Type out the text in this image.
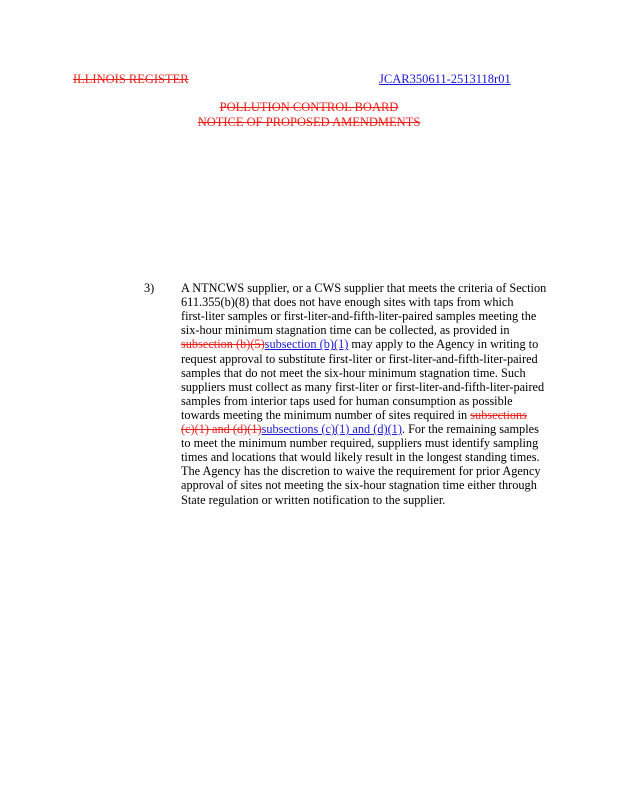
ILLINOIS REGISTER	JCAR350611-2513118r01
POLLUTION CONTROL BOARD
NOTICE OF PROPOSED AMENDMENTS
3) A NTNCWS supplier, or a CWS supplier that meets the criteria of Section
611.355(b)(8) that does not have enough sites with taps from which
first-liter samples or first-liter-and-fifth-liter-paired samples meeting the
six-hour minimum stagnation time can be collected, as provided in
subsection (b)(5)subsection (b)(1) may apply to the Agency in writing to
request approval to substitute first-liter or first-liter-and-fifth-liter-paired
samples that do not meet the six-hour minimum stagnation time. Such
suppliers must collect as many first-liter or first-liter-and-fifth-liter-paired
samples from interior taps used for human consumption as possible
towards meeting the minimum number of sites required in subsections
(c)(1) and (d)(1)subsections (c)(1) and (d)(1). For the remaining samples
to meet the minimum number required, suppliers must identify sampling
times and locations that would likely result in the longest standing times.
The Agency has the discretion to waive the requirement for prior Agency
approval of sites not meeting the six-hour stagnation time either through
State regulation or written notification to the supplier.
